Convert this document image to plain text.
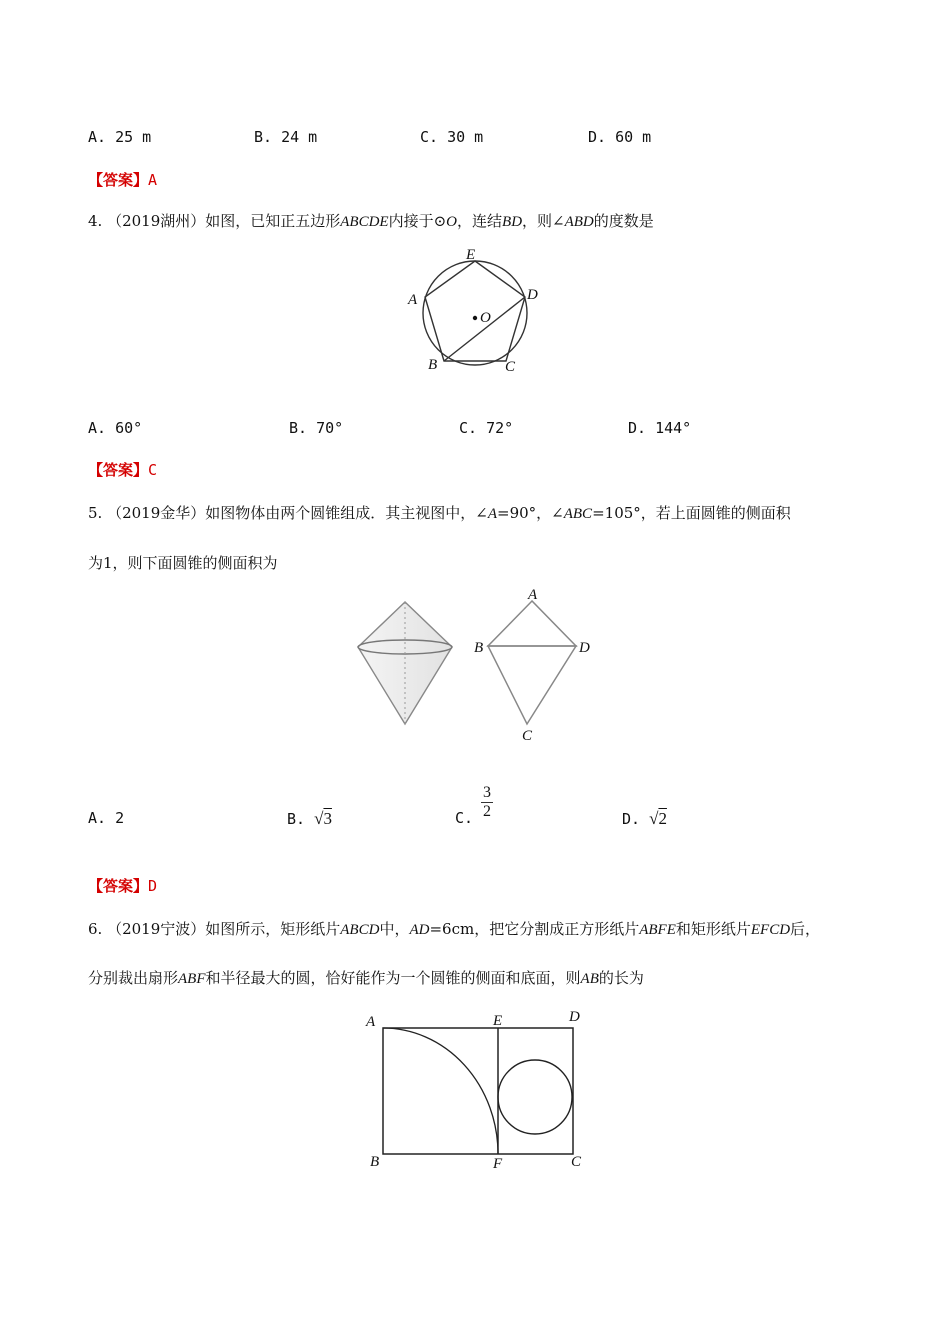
A. 25 m	B. 24 m	C. 30 m	D. 60 m
【答案】A
4. （2019湖州）如图，已知正五边形ABCDE内接于⊙O，连结BD，则∠ABD的度数是
E
A	D
O
B	C
A. 60°	B. 70°	C. 72°	D. 144°
【答案】C
5. （2019金华）如图物体由两个圆锥组成．其主视图中，∠A=90°，∠ABC=105°，若上面圆锥的侧面积
为1，则下面圆锥的侧面积为
A
B	D
C
A. 2	B. √3	C. $\frac{3}{2}$	D. √2
【答案】D
6. （2019宁波）如图所示，矩形纸片ABCD中，AD=6cm，把它分割成正方形纸片ABFE和矩形纸片EFCD后，
分别裁出扇形ABF和半径最大的圆，恰好能作为一个圆锥的侧面和底面，则AB的长为
A	E	D
B	F	C
